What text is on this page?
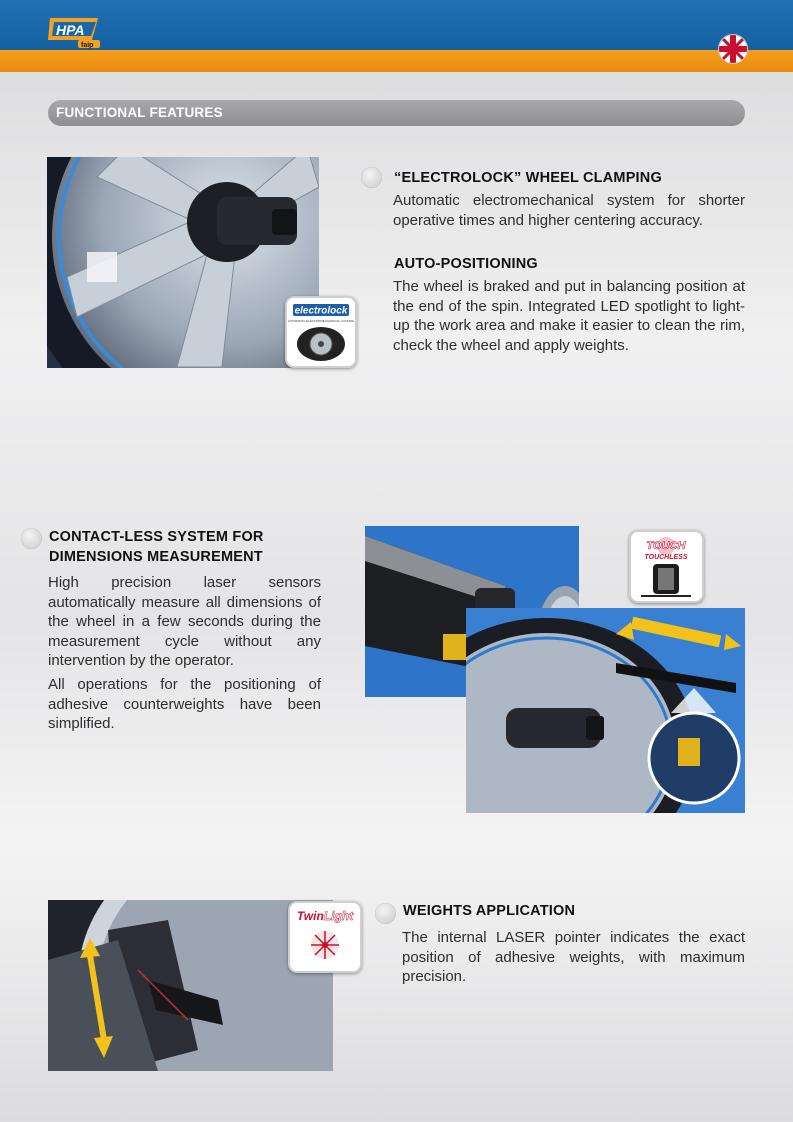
HPA
faip
FUNCTIONAL FEATURES
electrolock
AUTOMATIC ELECTROMECHANICAL LOCKING
“ELECTROLOCK” WHEEL CLAMPING
Automatic electromechanical system for shorter operative times and higher centering accuracy.
AUTO-POSITIONING
The wheel is braked and put in balancing position at the end of the spin. Integrated LED spotlight to light-up the work area and make it easier to clean the rim, check the wheel and apply weights.
CONTACT-LESS SYSTEM FOR
DIMENSIONS MEASUREMENT
High precision laser sensors automatically measure all dimensions of the wheel in a few seconds during the measurement cycle without any intervention by the operator.
All operations for the positioning of adhesive counterweights have been simplified.
TOUCH
TOUCHLESS
TwinLight	WEIGHTS APPLICATION
The internal LASER pointer indicates the exact position of adhesive weights, with maximum precision.
